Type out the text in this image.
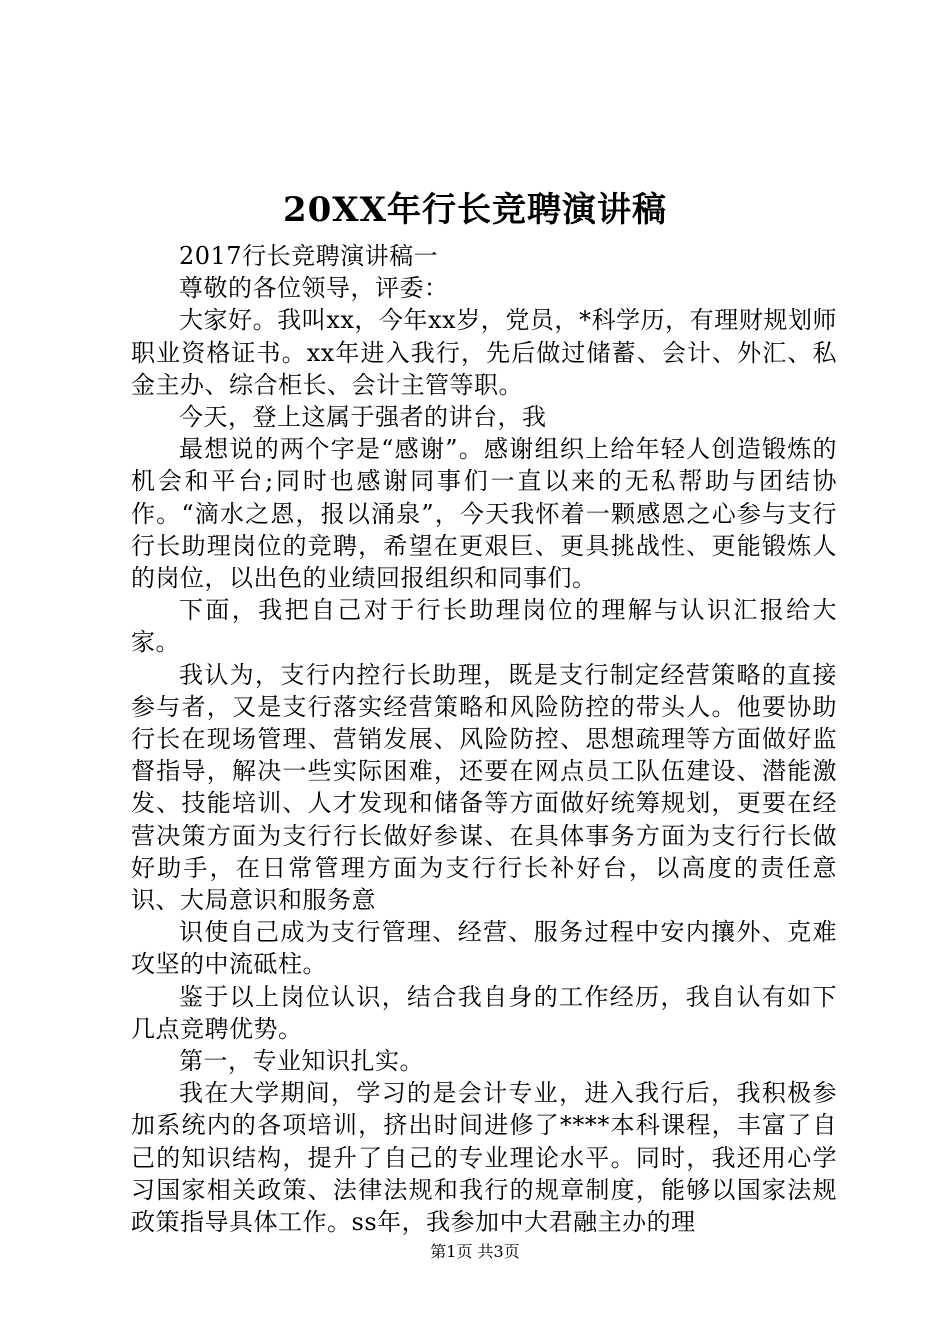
20XX年行长竞聘演讲稿

2017行长竞聘演讲稿一

尊敬的各位领导，评委：

大家好。我叫xx，今年xx岁，党员，*科学历，有理财规划师职业资格证书。xx年进入我行，先后做过储蓄、会计、外汇、私金主办、综合柜长、会计主管等职。

今天，登上这属于强者的讲台，我

最想说的两个字是“感谢”。感谢组织上给年轻人创造锻炼的机会和平台;同时也感谢同事们一直以来的无私帮助与团结协作。“滴水之恩，报以涌泉”，今天我怀着一颗感恩之心参与支行行长助理岗位的竞聘，希望在更艰巨、更具挑战性、更能锻炼人的岗位，以出色的业绩回报组织和同事们。

下面，我把自己对于行长助理岗位的理解与认识汇报给大家。

我认为，支行内控行长助理，既是支行制定经营策略的直接参与者，又是支行落实经营策略和风险防控的带头人。他要协助行长在现场管理、营销发展、风险防控、思想疏理等方面做好监督指导，解决一些实际困难，还要在网点员工队伍建设、潜能激发、技能培训、人才发现和储备等方面做好统筹规划，更要在经营决策方面为支行行长做好参谋、在具体事务方面为支行行长做好助手，在日常管理方面为支行行长补好台，以高度的责任意识、大局意识和服务意

识使自己成为支行管理、经营、服务过程中安内攘外、克难攻坚的中流砥柱。

鉴于以上岗位认识，结合我自身的工作经历，我自认有如下几点竞聘优势。

第一，专业知识扎实。

我在大学期间，学习的是会计专业，进入我行后，我积极参加系统内的各项培训，挤出时间进修了****本科课程，丰富了自己的知识结构，提升了自己的专业理论水平。同时，我还用心学习国家相关政策、法律法规和我行的规章制度，能够以国家法规政策指导具体工作。ss年，我参加中大君融主办的理

第1页 共3页
